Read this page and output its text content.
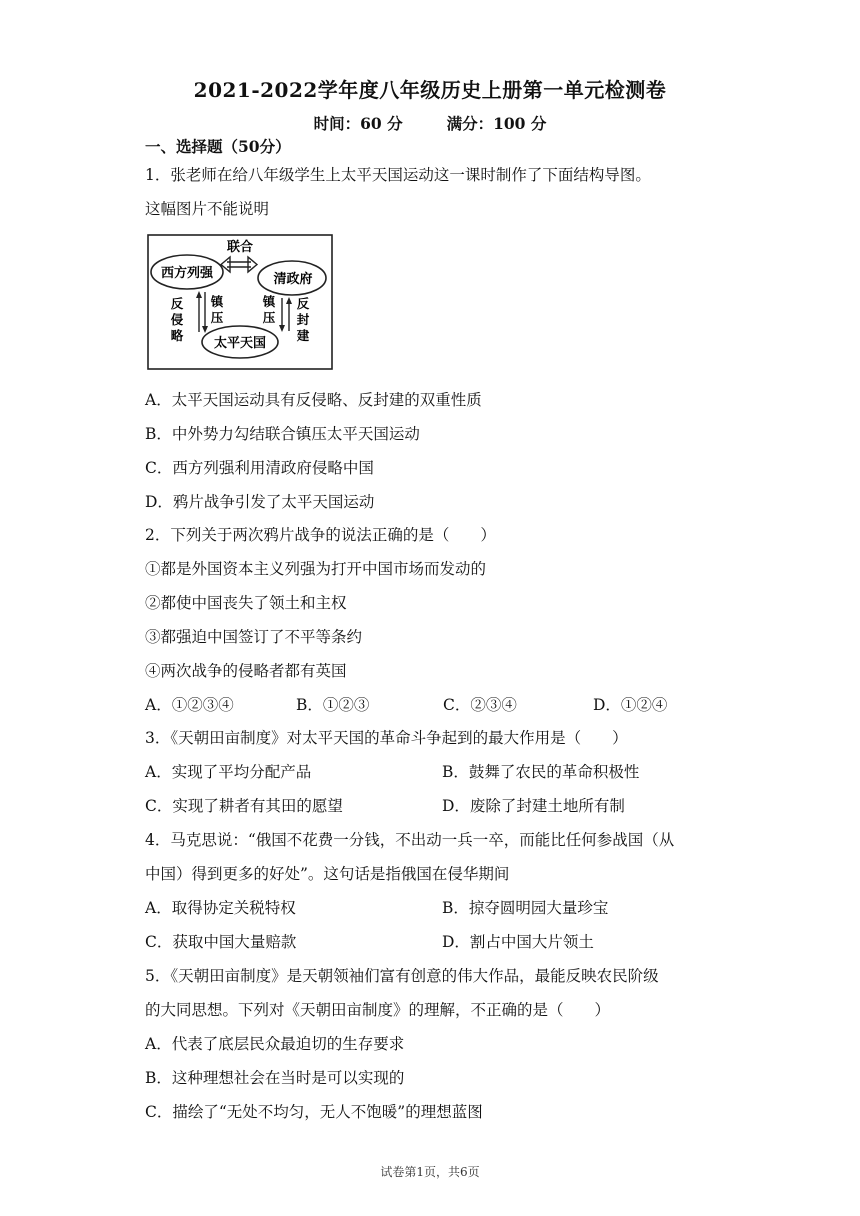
2021-2022学年度八年级历史上册第一单元检测卷
时间：60 分	满分：100 分
一、选择题（50分）
1．张老师在给八年级学生上太平天国运动这一课时制作了下面结构导图。
这幅图片不能说明
联合
西方列强	清政府
太平天国
反
侵
略
镇
压
镇
压
反
封
建
A．太平天国运动具有反侵略、反封建的双重性质
B．中外势力勾结联合镇压太平天国运动
C．西方列强利用清政府侵略中国
D．鸦片战争引发了太平天国运动
2．下列关于两次鸦片战争的说法正确的是（　　）
①都是外国资本主义列强为打开中国市场而发动的
②都使中国丧失了领土和主权
③都强迫中国签订了不平等条约
④两次战争的侵略者都有英国
A．①②③④	B．①②③	C．②③④	D．①②④
3．《天朝田亩制度》对太平天国的革命斗争起到的最大作用是（　　）
A．实现了平均分配产品	B．鼓舞了农民的革命积极性
C．实现了耕者有其田的愿望	D．废除了封建土地所有制
4．马克思说：“俄国不花费一分钱，不出动一兵一卒，而能比任何参战国（从
中国）得到更多的好处”。这句话是指俄国在侵华期间
A．取得协定关税特权	B．掠夺圆明园大量珍宝
C．获取中国大量赔款	D．割占中国大片领土
5．《天朝田亩制度》是天朝领袖们富有创意的伟大作品，最能反映农民阶级
的大同思想。下列对《天朝田亩制度》的理解，不正确的是（　　）
A．代表了底层民众最迫切的生存要求
B．这种理想社会在当时是可以实现的
C．描绘了“无处不均匀，无人不饱暖”的理想蓝图
试卷第1页，共6页
